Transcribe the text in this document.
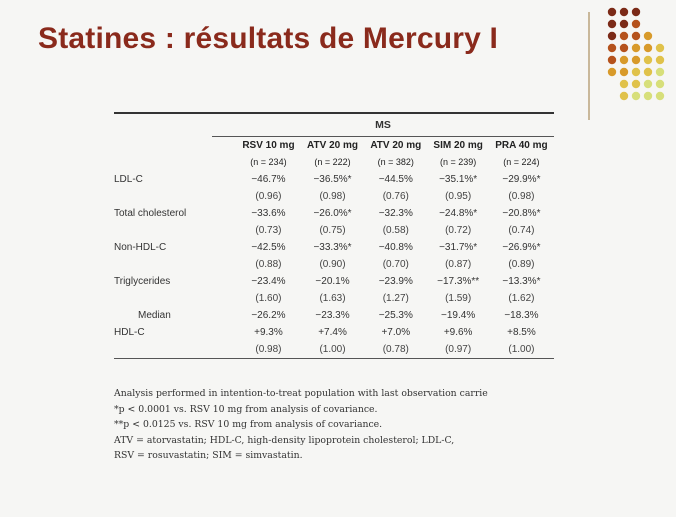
Statines : résultats de Mercury I
	MS
	RSV 10 mg	ATV 20 mg	ATV 20 mg	SIM 20 mg	PRA 40 mg
	(n = 234)	(n = 222)	(n = 382)	(n = 239)	(n = 224)
LDL-C	−46.7%	−36.5%*	−44.5%	−35.1%*	−29.9%*
	(0.96)	(0.98)	(0.76)	(0.95)	(0.98)
Total cholesterol	−33.6%	−26.0%*	−32.3%	−24.8%*	−20.8%*
	(0.73)	(0.75)	(0.58)	(0.72)	(0.74)
Non-HDL-C	−42.5%	−33.3%*	−40.8%	−31.7%*	−26.9%*
	(0.88)	(0.90)	(0.70)	(0.87)	(0.89)
Triglycerides	−23.4%	−20.1%	−23.9%	−17.3%**	−13.3%*
	(1.60)	(1.63)	(1.27)	(1.59)	(1.62)
Median	−26.2%	−23.3%	−25.3%	−19.4%	−18.3%
HDL-C	+9.3%	+7.4%	+7.0%	+9.6%	+8.5%
	(0.98)	(1.00)	(0.78)	(0.97)	(1.00)
Analysis performed in intention-to-treat population with last observation carrie
*p < 0.0001 vs. RSV 10 mg from analysis of covariance.
**p < 0.0125 vs. RSV 10 mg from analysis of covariance.
ATV = atorvastatin; HDL-C, high-density lipoprotein cholesterol; LDL-C,
RSV = rosuvastatin; SIM = simvastatin.
